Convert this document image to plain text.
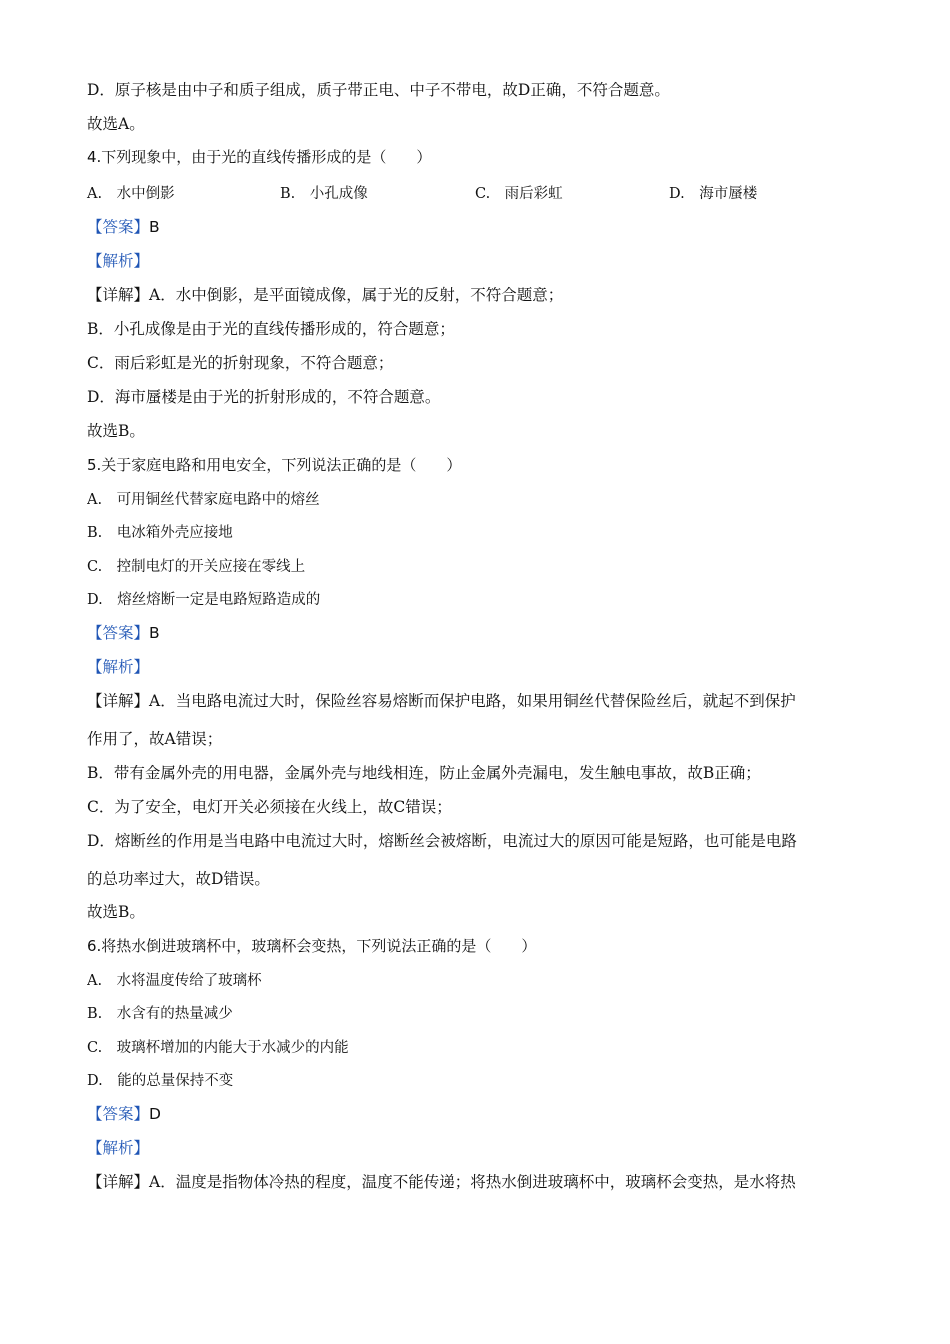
D．原子核是由中子和质子组成，质子带正电、中子不带电，故D正确，不符合题意。
故选A。
4.下列现象中，由于光的直线传播形成的是（　　）
A.　水中倒影	B.　小孔成像	C.　雨后彩虹	D.　海市蜃楼
【答案】B
【解析】
【详解】A．水中倒影，是平面镜成像，属于光的反射，不符合题意；
B．小孔成像是由于光的直线传播形成的，符合题意；
C．雨后彩虹是光的折射现象，不符合题意；
D．海市蜃楼是由于光的折射形成的，不符合题意。
故选B。
5.关于家庭电路和用电安全，下列说法正确的是（　　）
A.　可用铜丝代替家庭电路中的熔丝
B.　电冰箱外壳应接地
C.　控制电灯的开关应接在零线上
D.　熔丝熔断一定是电路短路造成的
【答案】B
【解析】
【详解】A．当电路电流过大时，保险丝容易熔断而保护电路，如果用铜丝代替保险丝后，就起不到保护
作用了，故A错误；
B．带有金属外壳的用电器，金属外壳与地线相连，防止金属外壳漏电，发生触电事故，故B正确；
C．为了安全，电灯开关必须接在火线上，故C错误；
D．熔断丝的作用是当电路中电流过大时，熔断丝会被熔断，电流过大的原因可能是短路，也可能是电路
的总功率过大，故D错误。
故选B。
6.将热水倒进玻璃杯中，玻璃杯会变热，下列说法正确的是（　　）
A.　水将温度传给了玻璃杯
B.　水含有的热量减少
C.　玻璃杯增加的内能大于水减少的内能
D.　能的总量保持不变
【答案】D
【解析】
【详解】A．温度是指物体冷热的程度，温度不能传递；将热水倒进玻璃杯中，玻璃杯会变热，是水将热
